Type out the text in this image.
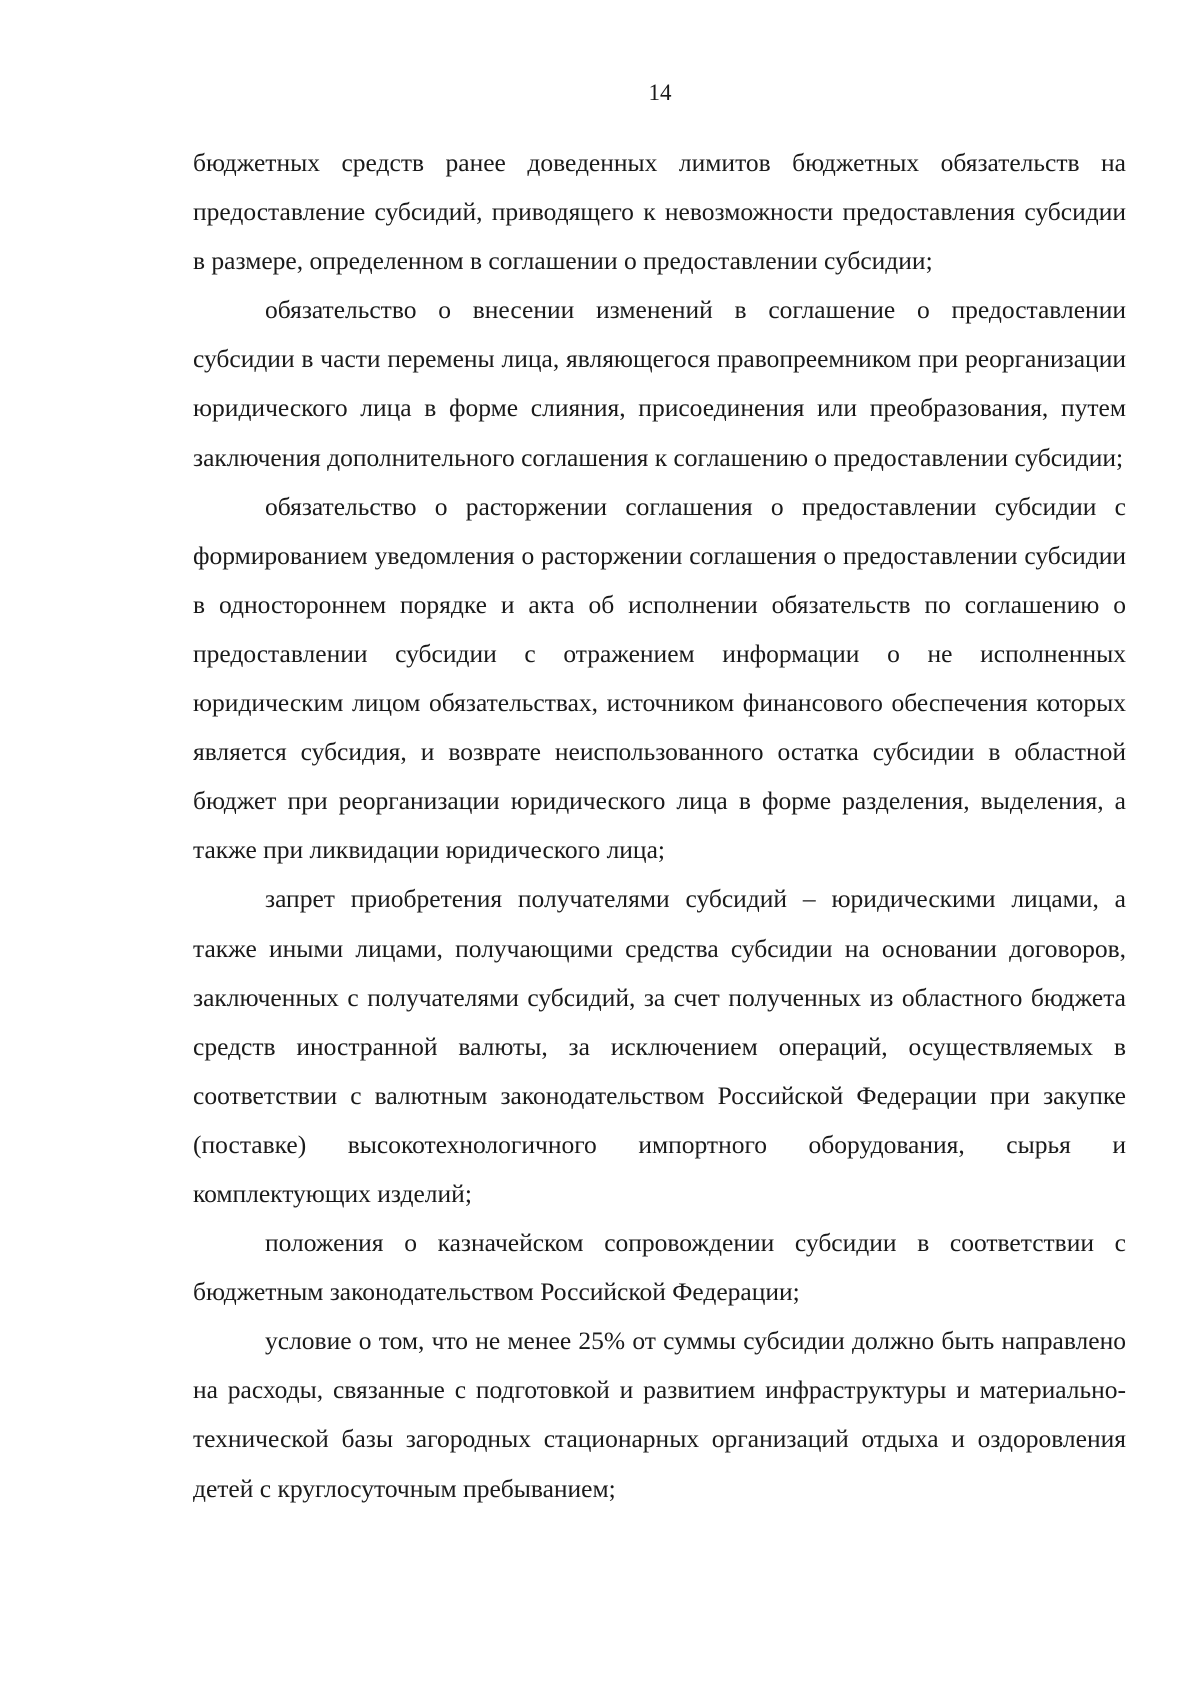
14

бюджетных средств ранее доведенных лимитов бюджетных обязательств на предоставление субсидий, приводящего к невозможности предоставления субсидии в размере, определенном в соглашении о предоставлении субсидии;

обязательство о внесении изменений в соглашение о предоставлении субсидии в части перемены лица, являющегося правопреемником при реорганизации юридического лица в форме слияния, присоединения или преобразования, путем заключения дополнительного соглашения к соглашению о предоставлении субсидии;

обязательство о расторжении соглашения о предоставлении субсидии с формированием уведомления о расторжении соглашения о предоставлении субсидии в одностороннем порядке и акта об исполнении обязательств по соглашению о предоставлении субсидии с отражением информации о не исполненных юридическим лицом обязательствах, источником финансового обеспечения которых является субсидия, и возврате неиспользованного остатка субсидии в областной бюджет при реорганизации юридического лица в форме разделения, выделения, а также при ликвидации юридического лица;

запрет приобретения получателями субсидий – юридическими лицами, а также иными лицами, получающими средства субсидии на основании договоров, заключенных с получателями субсидий, за счет полученных из областного бюджета средств иностранной валюты, за исключением операций, осуществляемых в соответствии с валютным законодательством Российской Федерации при закупке (поставке) высокотехнологичного импортного оборудования, сырья и комплектующих изделий;

положения о казначейском сопровождении субсидии в соответствии с бюджетным законодательством Российской Федерации;

условие о том, что не менее 25% от суммы субсидии должно быть направлено на расходы, связанные с подготовкой и развитием инфраструктуры и материально-технической базы загородных стационарных организаций отдыха и оздоровления детей с круглосуточным пребыванием;
